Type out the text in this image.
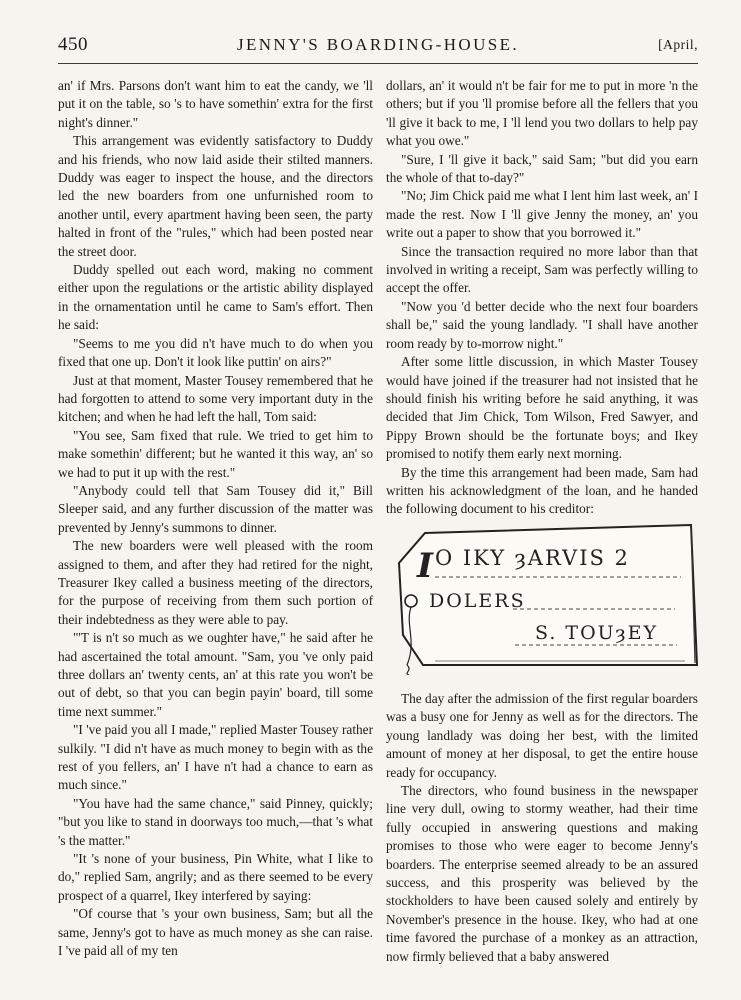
450	JENNY'S BOARDING-HOUSE.	[April,

an' if Mrs. Parsons don't want him to eat the candy, we 'll put it on the table, so 's to have somethin' extra for the first night's dinner."

This arrangement was evidently satisfactory to Duddy and his friends, who now laid aside their stilted manners. Duddy was eager to inspect the house, and the directors led the new boarders from one unfurnished room to another until, every apartment having been seen, the party halted in front of the "rules," which had been posted near the street door.

Duddy spelled out each word, making no comment either upon the regulations or the artistic ability displayed in the ornamentation until he came to Sam's effort. Then he said:

"Seems to me you did n't have much to do when you fixed that one up. Don't it look like puttin' on airs?"

Just at that moment, Master Tousey remembered that he had forgotten to attend to some very important duty in the kitchen; and when he had left the hall, Tom said:

"You see, Sam fixed that rule. We tried to get him to make somethin' different; but he wanted it this way, an' so we had to put it up with the rest."

"Anybody could tell that Sam Tousey did it," Bill Sleeper said, and any further discussion of the matter was prevented by Jenny's summons to dinner.

The new boarders were well pleased with the room assigned to them, and after they had retired for the night, Treasurer Ikey called a business meeting of the directors, for the purpose of receiving from them such portion of their indebtedness as they were able to pay.

"'T is n't so much as we oughter have," he said after he had ascertained the total amount. "Sam, you 've only paid three dollars an' twenty cents, an' at this rate you won't be out of debt, so that you can begin payin' board, till some time next summer."

"I 've paid you all I made," replied Master Tousey rather sulkily. "I did n't have as much money to begin with as the rest of you fellers, an' I have n't had a chance to earn as much since."

"You have had the same chance," said Pinney, quickly; "but you like to stand in doorways too much,—that 's what 's the matter."

"It 's none of your business, Pin White, what I like to do," replied Sam, angrily; and as there seemed to be every prospect of a quarrel, Ikey interfered by saying:

"Of course that 's your own business, Sam; but all the same, Jenny's got to have as much money as she can raise. I 've paid all of my ten

dollars, an' it would n't be fair for me to put in more 'n the others; but if you 'll promise before all the fellers that you 'll give it back to me, I 'll lend you two dollars to help pay what you owe."

"Sure, I 'll give it back," said Sam; "but did you earn the whole of that to-day?"

"No; Jim Chick paid me what I lent him last week, an' I made the rest. Now I 'll give Jenny the money, an' you write out a paper to show that you borrowed it."

Since the transaction required no more labor than that involved in writing a receipt, Sam was perfectly willing to accept the offer.

"Now you 'd better decide who the next four boarders shall be," said the young landlady. "I shall have another room ready by to-morrow night."

After some little discussion, in which Master Tousey would have joined if the treasurer had not insisted that he should finish his writing before he said anything, it was decided that Jim Chick, Tom Wilson, Fred Sawyer, and Pippy Brown should be the fortunate boys; and Ikey promised to notify them early next morning.

By the time this arrangement had been made, Sam had written his acknowledgment of the loan, and he handed the following document to his creditor:

I O IKY ȝARVIS 2
DOLERS
S. TOUȝEY

The day after the admission of the first regular boarders was a busy one for Jenny as well as for the directors. The young landlady was doing her best, with the limited amount of money at her disposal, to get the entire house ready for occupancy.

The directors, who found business in the newspaper line very dull, owing to stormy weather, had their time fully occupied in answering questions and making promises to those who were eager to become Jenny's boarders. The enterprise seemed already to be an assured success, and this prosperity was believed by the stockholders to have been caused solely and entirely by November's presence in the house. Ikey, who had at one time favored the purchase of a monkey as an attraction, now firmly believed that a baby answered
